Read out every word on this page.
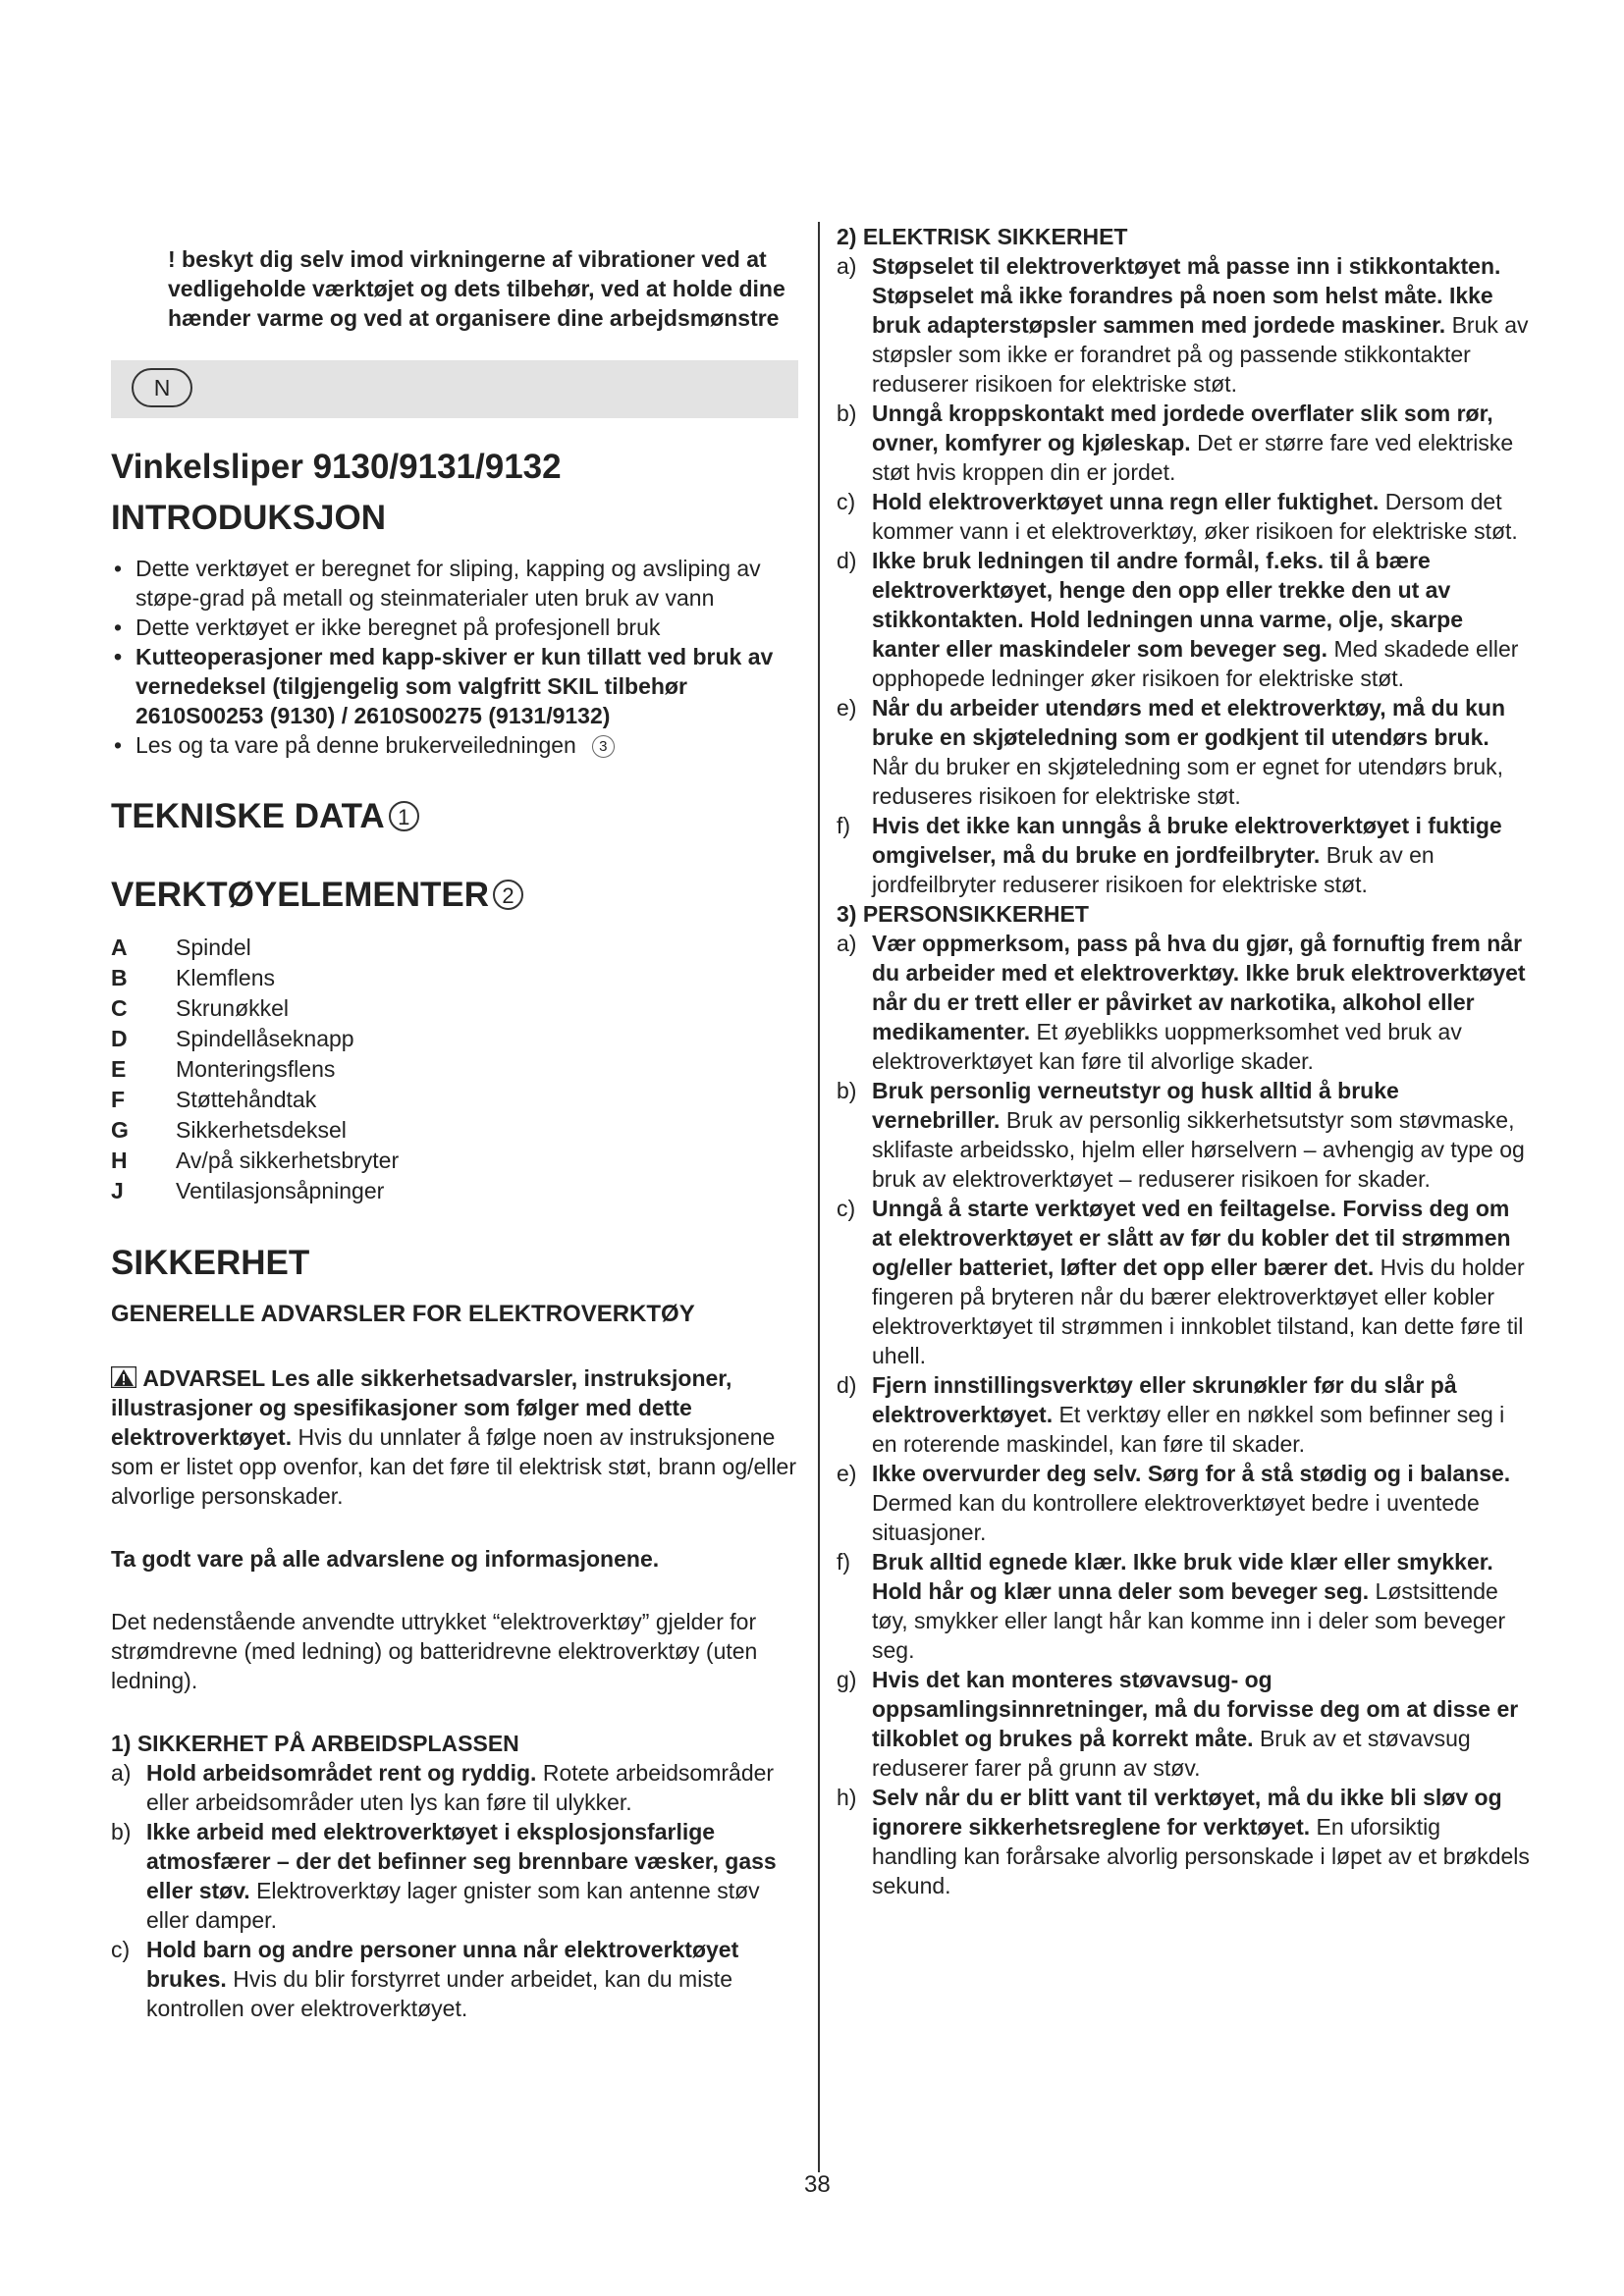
! beskyt dig selv imod virkningerne af vibrationer ved at vedligeholde værktøjet og dets tilbehør, ved at holde dine hænder varme og ved at organisere dine arbejdsmønstre

N
Vinkelsliper 9130/9131/9132
INTRODUKSJON
• Dette verktøyet er beregnet for sliping, kapping og avsliping av støpe-grad på metall og steinmaterialer uten bruk av vann
• Dette verktøyet er ikke beregnet på profesjonell bruk
• Kutteoperasjoner med kapp-skiver er kun tillatt ved bruk av vernedeksel (tilgjengelig som valgfritt SKIL tilbehør 2610S00253 (9130) / 2610S00275 (9131/9132)
• Les og ta vare på denne brukerveiledningen 3
TEKNISKE DATA 1
VERKTØYELEMENTER 2
A	Spindel
B	Klemflens
C	Skrunøkkel
D	Spindellåseknapp
E	Monteringsflens
F	Støttehåndtak
G	Sikkerhetsdeksel
H	Av/på sikkerhetsbryter
J	Ventilasjonsåpninger
SIKKERHET
GENERELLE ADVARSLER FOR ELEKTROVERKTØY

ADVARSEL Les alle sikkerhetsadvarsler, instruksjoner, illustrasjoner og spesifikasjoner som følger med dette elektroverktøyet. Hvis du unnlater å følge noen av instruksjonene som er listet opp ovenfor, kan det føre til elektrisk støt, brann og/eller alvorlige personskader.

Ta godt vare på alle advarslene og informasjonene.

Det nedenstående anvendte uttrykket “elektroverktøy” gjelder for strømdrevne (med ledning) og batteridrevne elektroverktøy (uten ledning).

1) SIKKERHET PÅ ARBEIDSPLASSEN

a) Hold arbeidsområdet rent og ryddig. Rotete arbeidsområder eller arbeidsområder uten lys kan føre til ulykker.

b) Ikke arbeid med elektroverktøyet i eksplosjonsfarlige atmosfærer – der det befinner seg brennbare væsker, gass eller støv. Elektroverktøy lager gnister som kan antenne støv eller damper.

c) Hold barn og andre personer unna når elektroverktøyet brukes. Hvis du blir forstyrret under arbeidet, kan du miste kontrollen over elektroverktøyet.

2) ELEKTRISK SIKKERHET

a) Støpselet til elektroverktøyet må passe inn i stikkontakten. Støpselet må ikke forandres på noen som helst måte. Ikke bruk adapterstøpsler sammen med jordede maskiner. Bruk av støpsler som ikke er forandret på og passende stikkontakter reduserer risikoen for elektriske støt.

b) Unngå kroppskontakt med jordede overflater slik som rør, ovner, komfyrer og kjøleskap. Det er større fare ved elektriske støt hvis kroppen din er jordet.

c) Hold elektroverktøyet unna regn eller fuktighet. Dersom det kommer vann i et elektroverktøy, øker risikoen for elektriske støt.

d) Ikke bruk ledningen til andre formål, f.eks. til å bære elektroverktøyet, henge den opp eller trekke den ut av stikkontakten. Hold ledningen unna varme, olje, skarpe kanter eller maskindeler som beveger seg. Med skadede eller opphopede ledninger øker risikoen for elektriske støt.

e) Når du arbeider utendørs med et elektroverktøy, må du kun bruke en skjøteledning som er godkjent til utendørs bruk. Når du bruker en skjøteledning som er egnet for utendørs bruk, reduseres risikoen for elektriske støt.

f) Hvis det ikke kan unngås å bruke elektroverktøyet i fuktige omgivelser, må du bruke en jordfeilbryter. Bruk av en jordfeilbryter reduserer risikoen for elektriske støt.

3) PERSONSIKKERHET

a) Vær oppmerksom, pass på hva du gjør, gå fornuftig frem når du arbeider med et elektroverktøy. Ikke bruk elektroverktøyet når du er trett eller er påvirket av narkotika, alkohol eller medikamenter. Et øyeblikks uoppmerksomhet ved bruk av elektroverktøyet kan føre til alvorlige skader.

b) Bruk personlig verneutstyr og husk alltid å bruke vernebriller. Bruk av personlig sikkerhetsutstyr som støvmaske, sklifaste arbeidssko, hjelm eller hørselvern – avhengig av type og bruk av elektroverktøyet – reduserer risikoen for skader.

c) Unngå å starte verktøyet ved en feiltagelse. Forviss deg om at elektroverktøyet er slått av før du kobler det til strømmen og/eller batteriet, løfter det opp eller bærer det. Hvis du holder fingeren på bryteren når du bærer elektroverktøyet eller kobler elektroverktøyet til strømmen i innkoblet tilstand, kan dette føre til uhell.

d) Fjern innstillingsverktøy eller skrunøkler før du slår på elektroverktøyet. Et verktøy eller en nøkkel som befinner seg i en roterende maskindel, kan føre til skader.

e) Ikke overvurder deg selv. Sørg for å stå stødig og i balanse. Dermed kan du kontrollere elektroverktøyet bedre i uventede situasjoner.

f) Bruk alltid egnede klær. Ikke bruk vide klær eller smykker. Hold hår og klær unna deler som beveger seg. Løstsittende tøy, smykker eller langt hår kan komme inn i deler som beveger seg.

g) Hvis det kan monteres støvavsug- og oppsamlingsinnretninger, må du forvisse deg om at disse er tilkoblet og brukes på korrekt måte. Bruk av et støvavsug reduserer farer på grunn av støv.

h) Selv når du er blitt vant til verktøyet, må du ikke bli sløv og ignorere sikkerhetsreglene for verktøyet. En uforsiktig handling kan forårsake alvorlig personskade i løpet av et brøkdels sekund.

38
